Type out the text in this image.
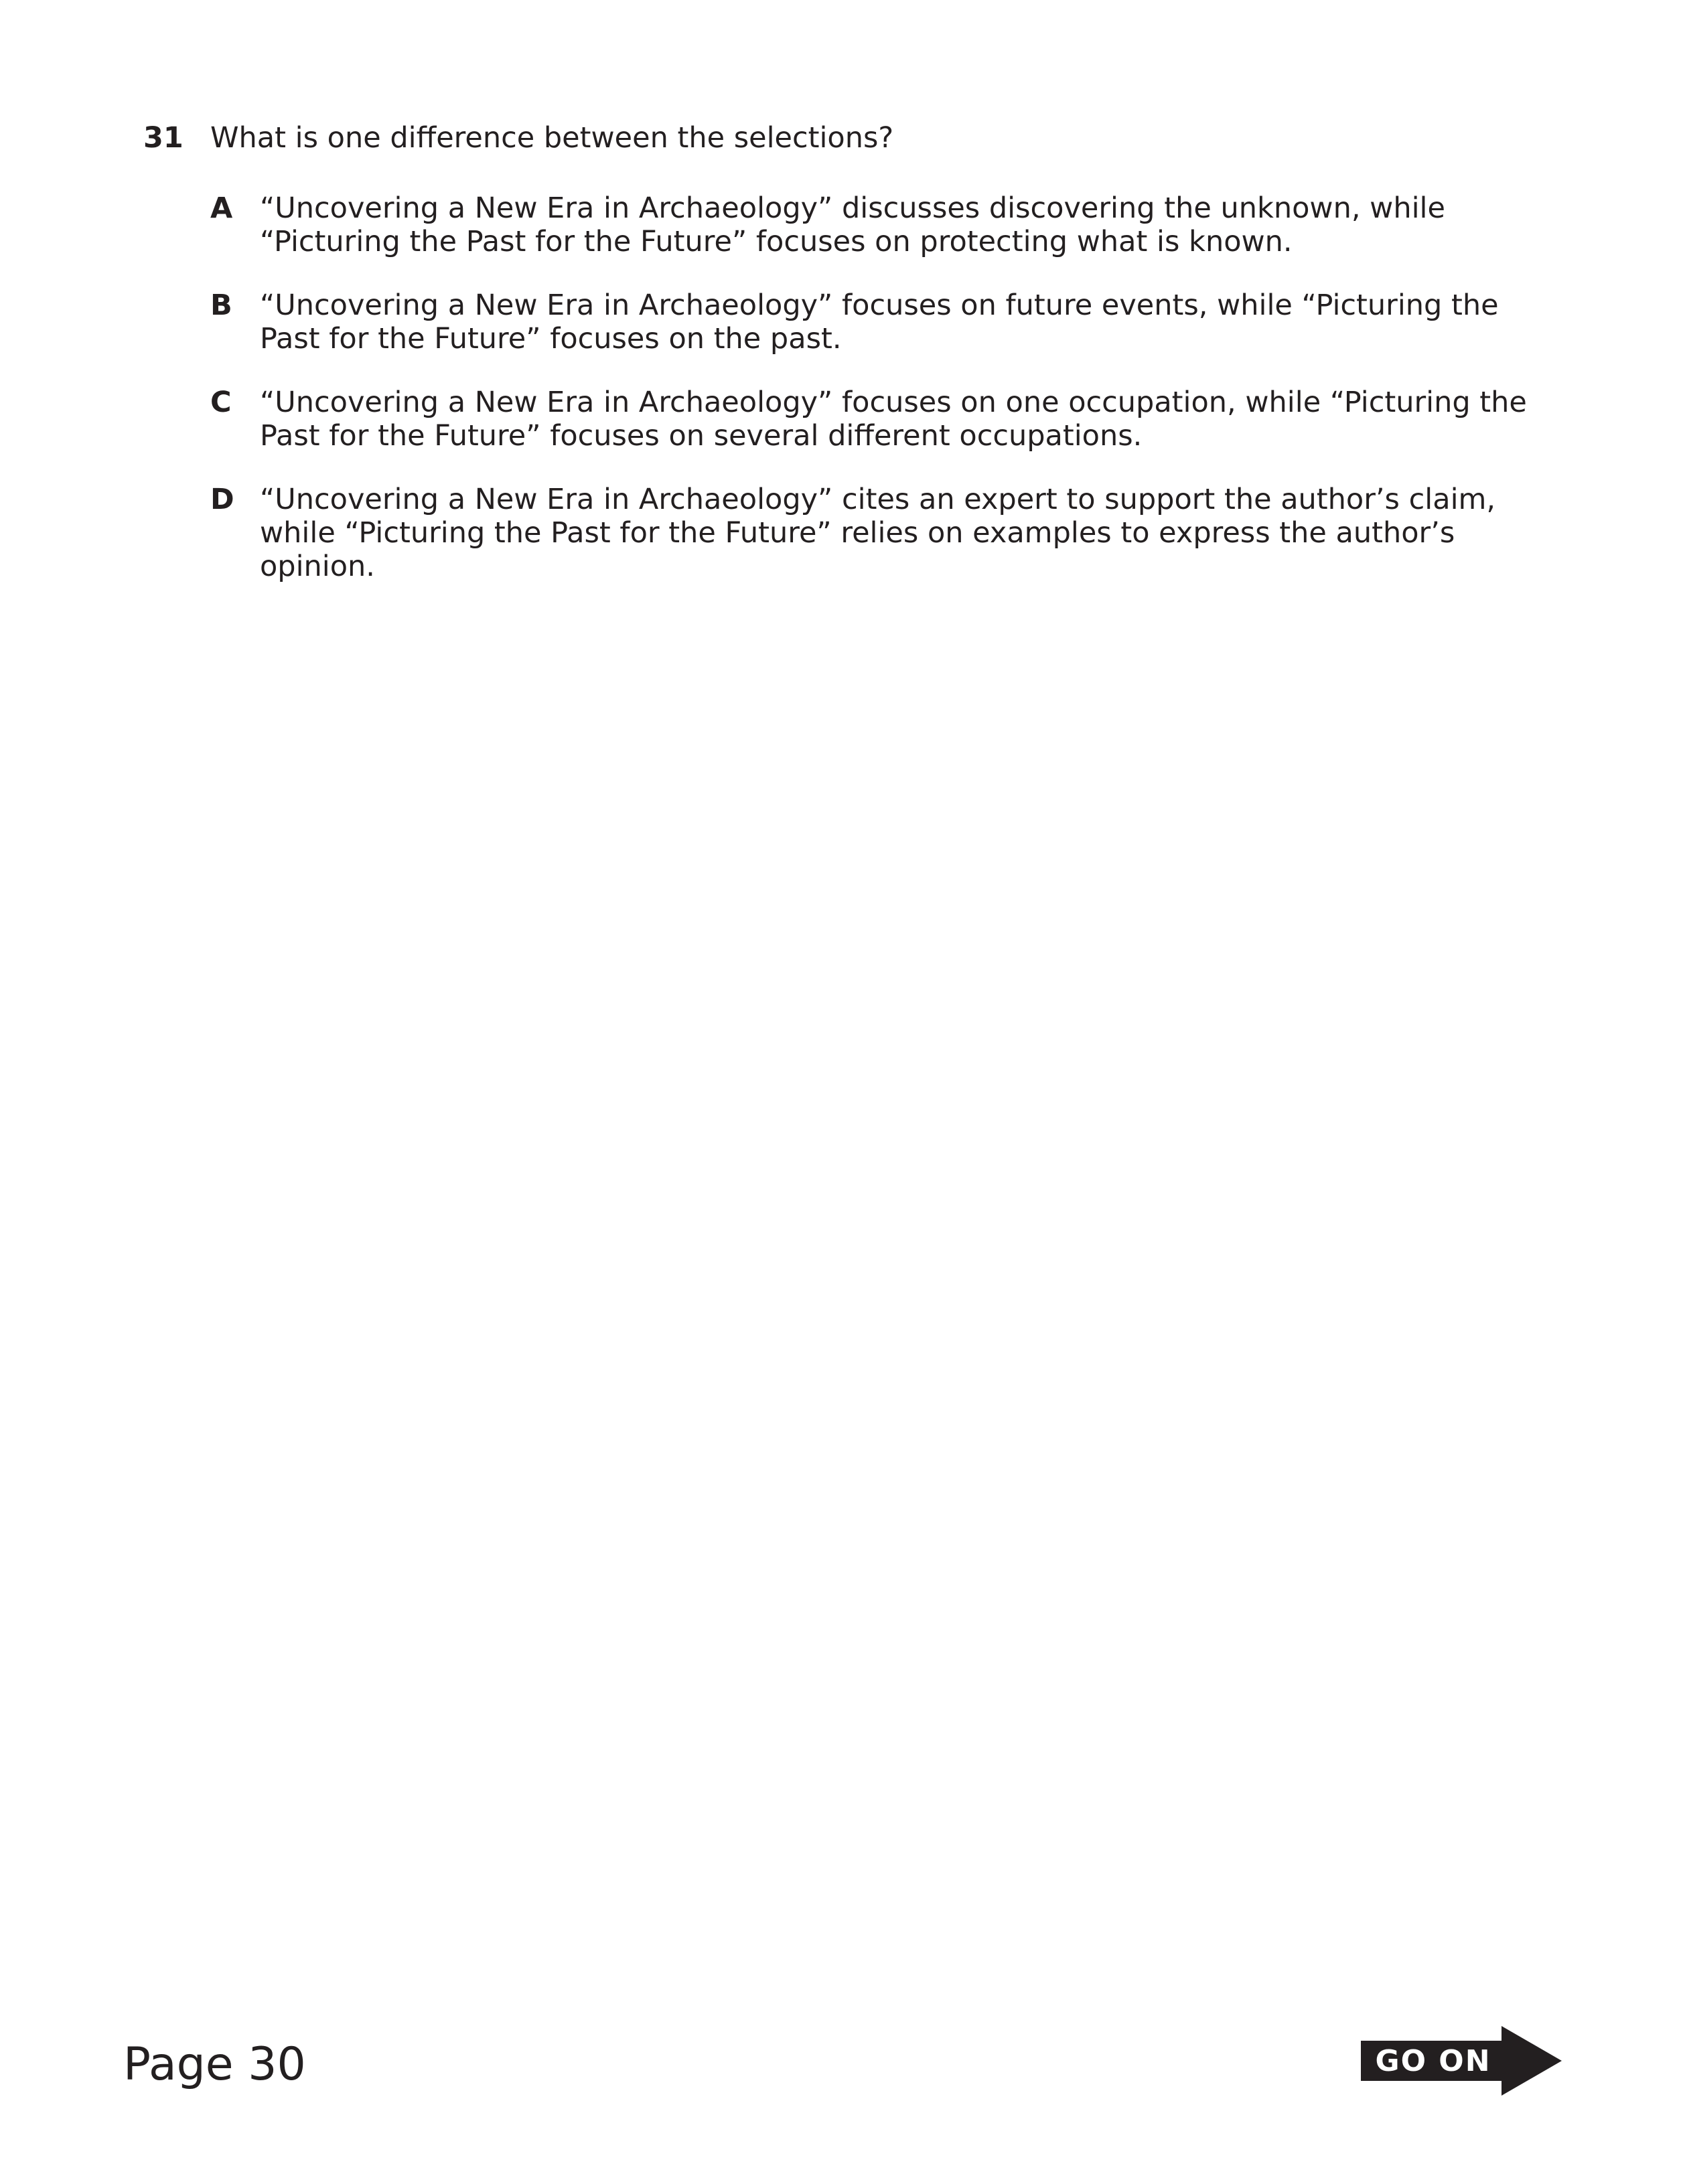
31 What is one difference between the selections?
A “Uncovering a New Era in Archaeology” discusses discovering the unknown, while “Picturing the Past for the Future” focuses on protecting what is known.
B “Uncovering a New Era in Archaeology” focuses on future events, while “Picturing the Past for the Future” focuses on the past.
C “Uncovering a New Era in Archaeology” focuses on one occupation, while “Picturing the Past for the Future” focuses on several different occupations.
D “Uncovering a New Era in Archaeology” cites an expert to support the author’s claim, while “Picturing the Past for the Future” relies on examples to express the author’s opinion.
Page 30	GO ON
